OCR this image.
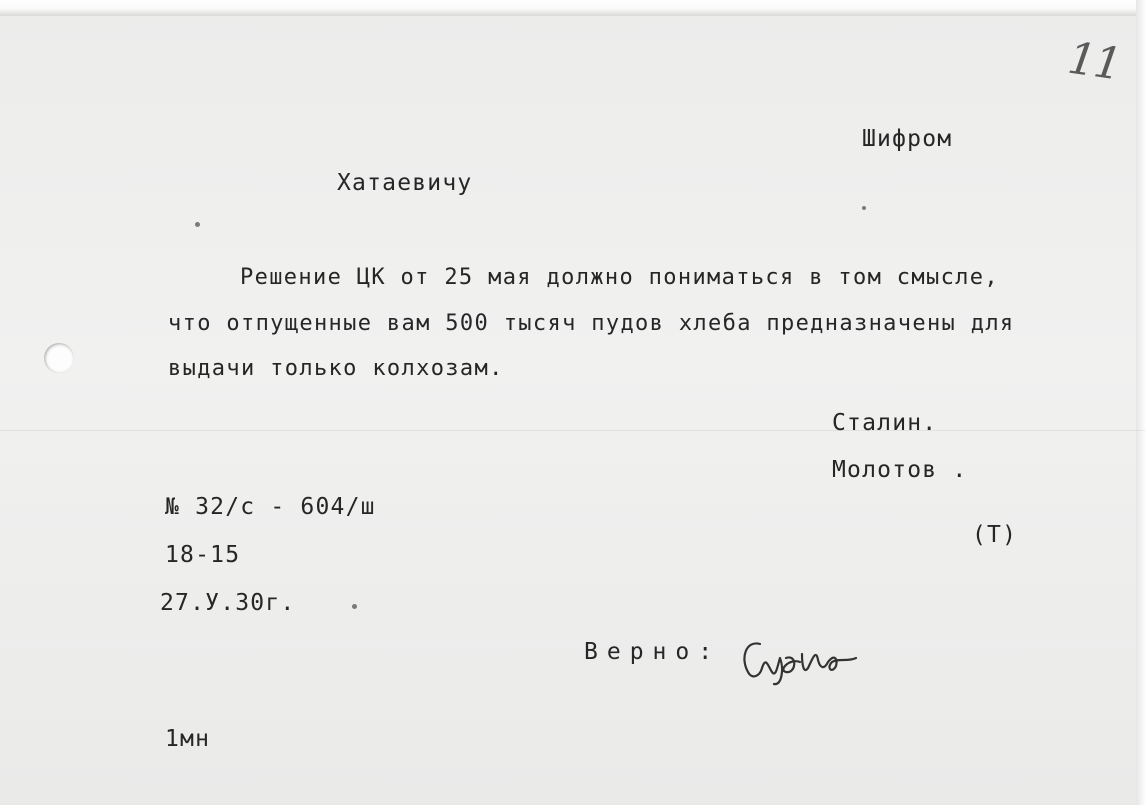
11

Шифром

Хатаевичу

Решение ЦК от 25 мая должно пониматься в том смысле,

что отпущенные вам 500 тысяч пудов хлеба предназначены для

выдачи только колхозам.

Сталин.

Молотов .

№ 32/с - 604/ш

(Т)

18-15

27.У.30г.

Верно:

1мн
